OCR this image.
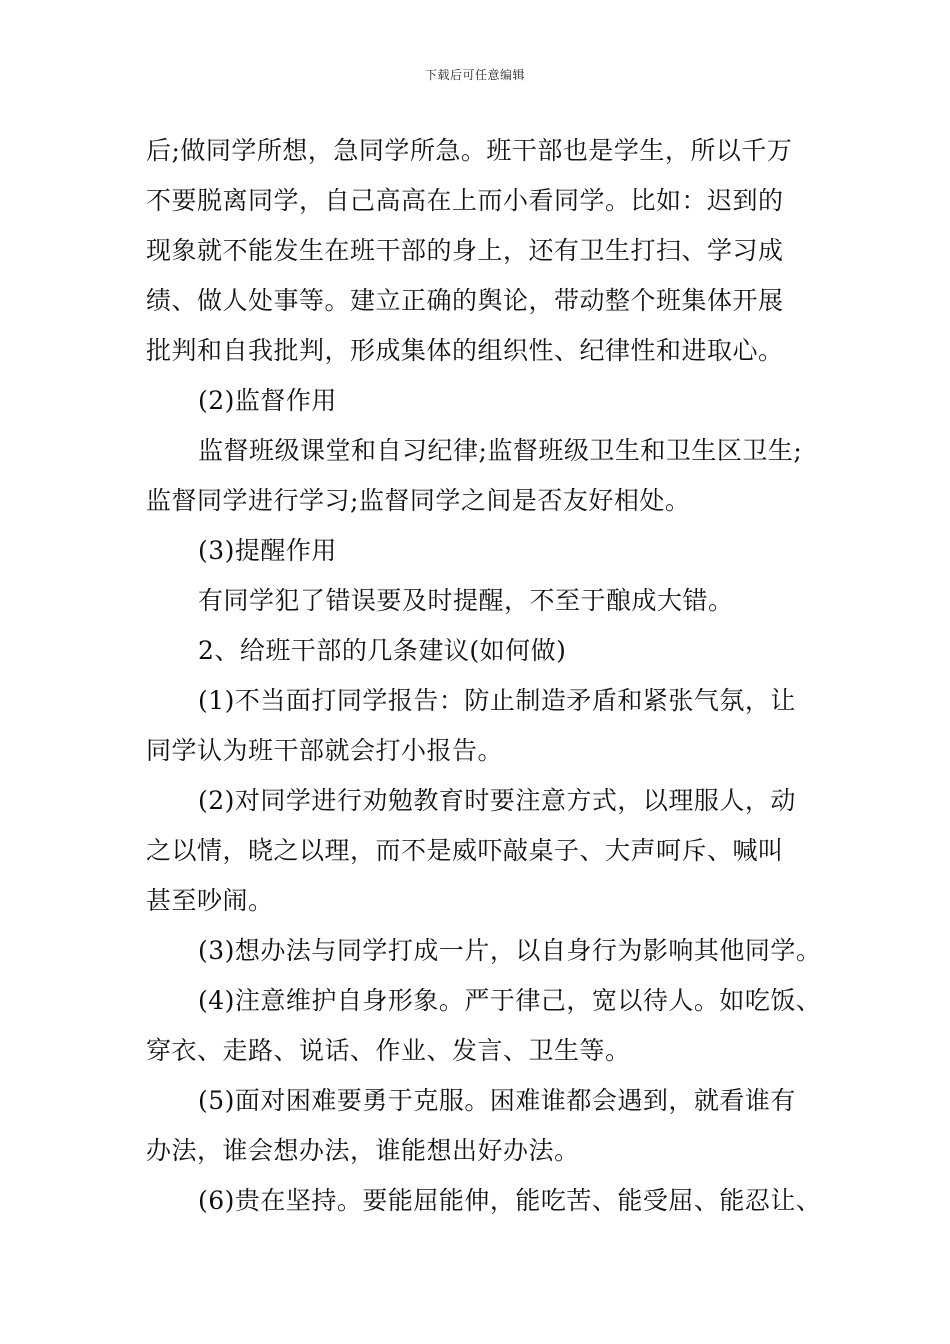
下载后可任意编辑
后;做同学所想，急同学所急。班干部也是学生，所以千万
不要脱离同学，自己高高在上而小看同学。比如：迟到的
现象就不能发生在班干部的身上，还有卫生打扫、学习成
绩、做人处事等。建立正确的舆论，带动整个班集体开展
批判和自我批判，形成集体的组织性、纪律性和进取心。
(2)监督作用
监督班级课堂和自习纪律;监督班级卫生和卫生区卫生;
监督同学进行学习;监督同学之间是否友好相处。
(3)提醒作用
有同学犯了错误要及时提醒，不至于酿成大错。
2、给班干部的几条建议(如何做)
(1)不当面打同学报告：防止制造矛盾和紧张气氛，让
同学认为班干部就会打小报告。
(2)对同学进行劝勉教育时要注意方式，以理服人，动
之以情，晓之以理，而不是威吓敲桌子、大声呵斥、喊叫
甚至吵闹。
(3)想办法与同学打成一片，以自身行为影响其他同学。
(4)注意维护自身形象。严于律己，宽以待人。如吃饭、
穿衣、走路、说话、作业、发言、卫生等。
(5)面对困难要勇于克服。困难谁都会遇到，就看谁有
办法，谁会想办法，谁能想出好办法。
(6)贵在坚持。要能屈能伸，能吃苦、能受屈、能忍让、
